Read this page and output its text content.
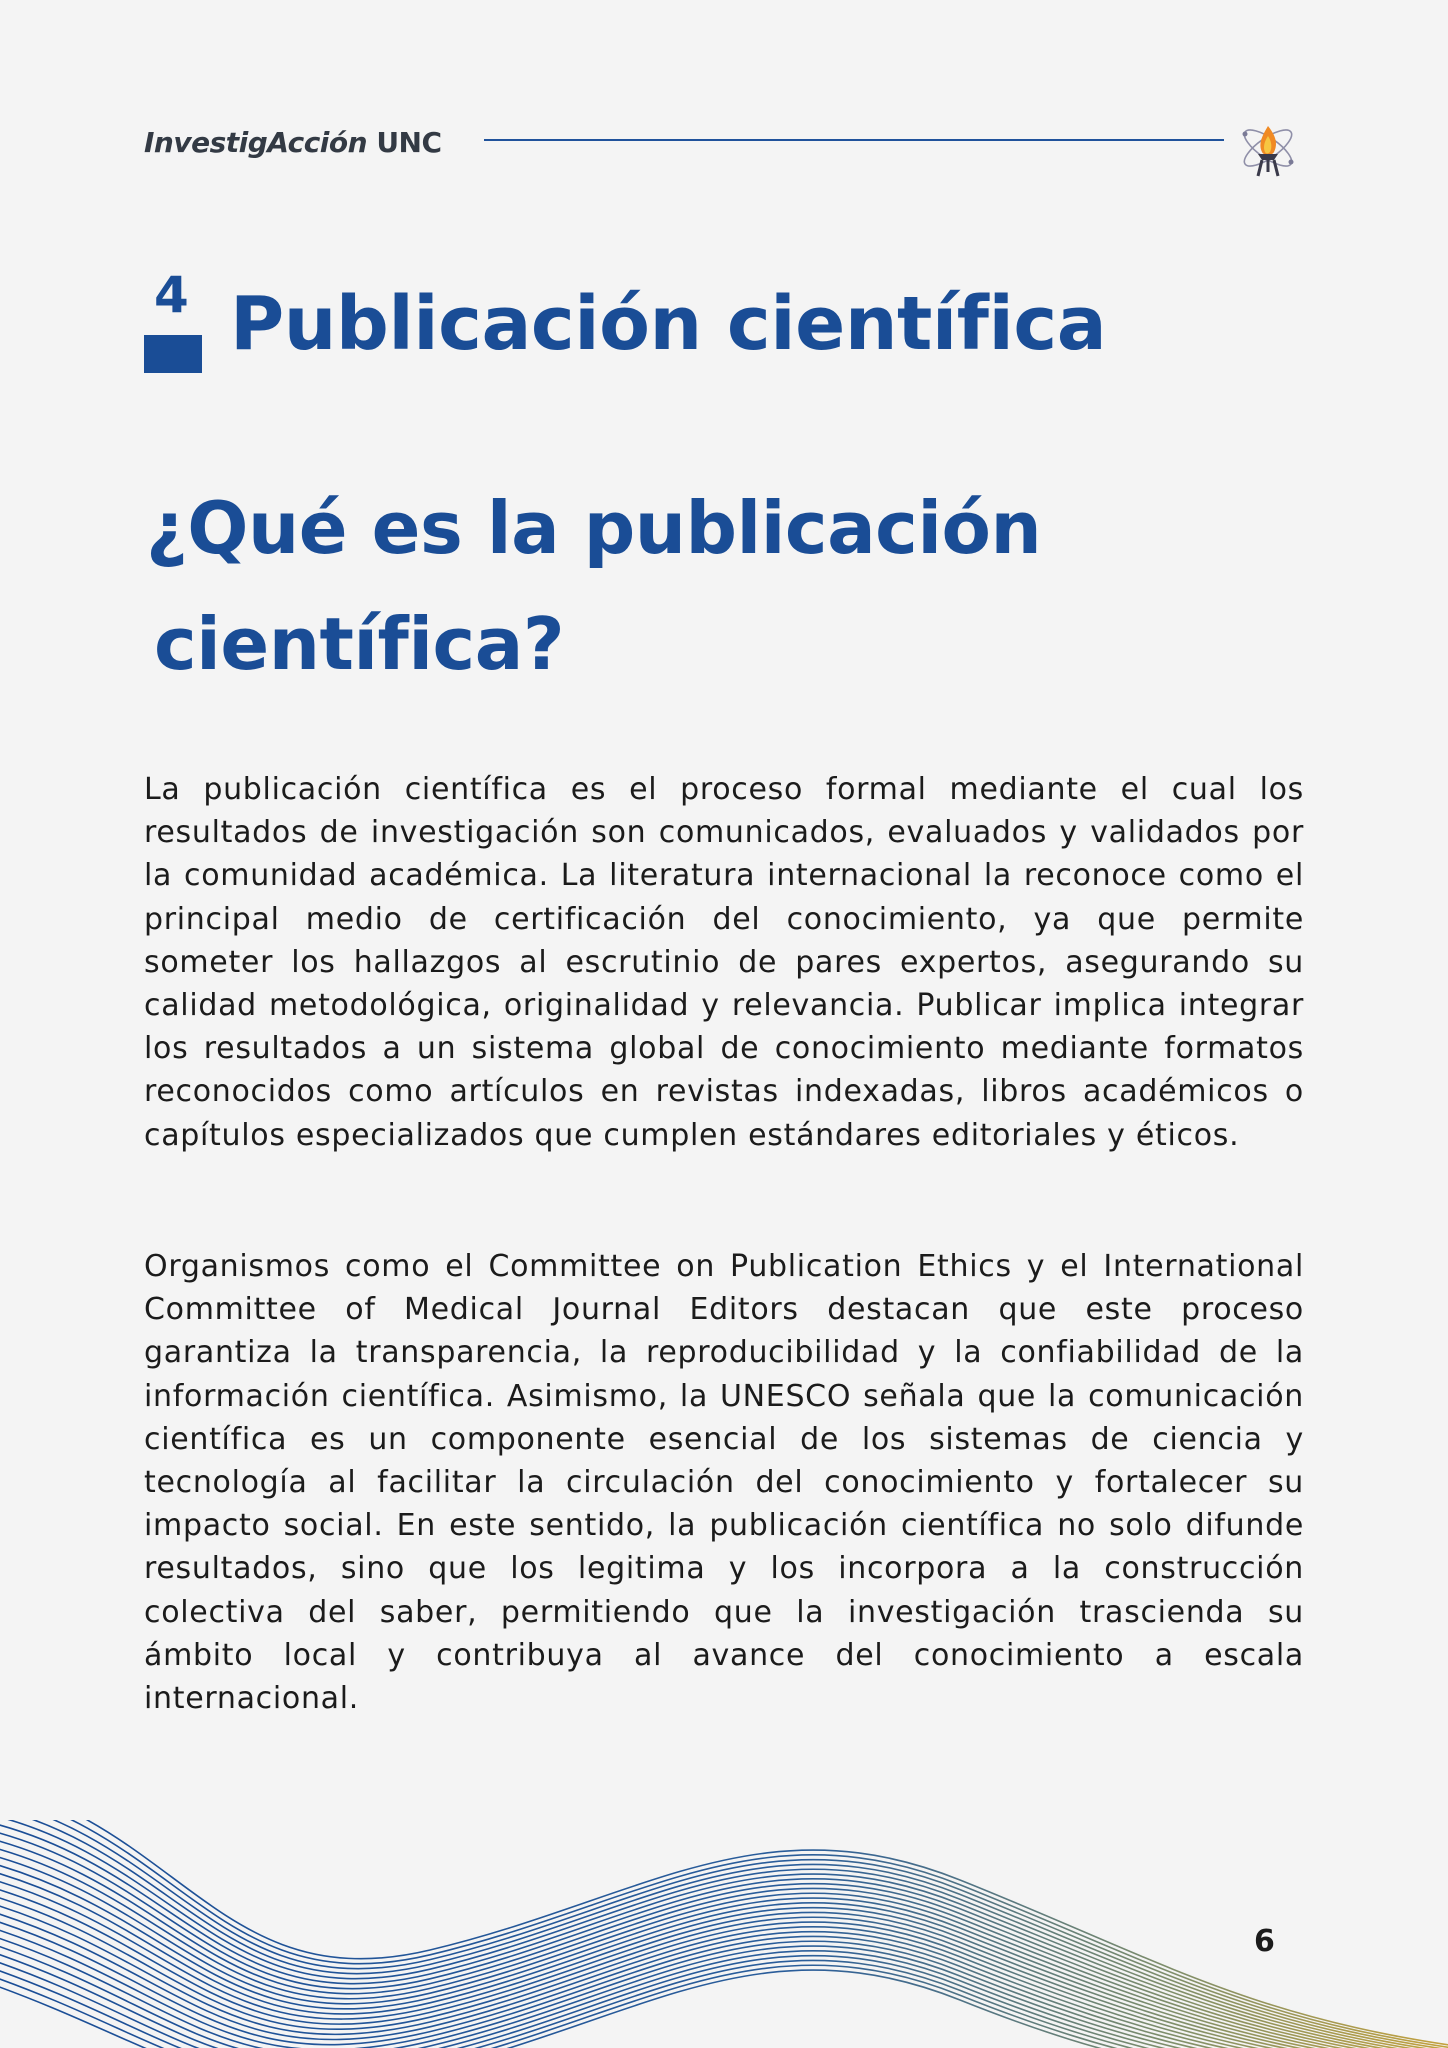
InvestigAcción UNC
4 Publicación científica
¿Qué es la publicación
científica?

La publicación científica es el proceso formal mediante el cual los resultados de investigación son comunicados, evaluados y validados por la comunidad académica. La literatura internacional la reconoce como el principal medio de certificación del conocimiento, ya que permite someter los hallazgos al escrutinio de pares expertos, asegurando su calidad metodológica, originalidad y relevancia. Publicar implica integrar los resultados a un sistema global de conocimiento mediante formatos reconocidos como artículos en revistas indexadas, libros académicos o capítulos especializados que cumplen estándares editoriales y éticos.

Organismos como el Committee on Publication Ethics y el International Committee of Medical Journal Editors destacan que este proceso garantiza la transparencia, la reproducibilidad y la confiabilidad de la información científica. Asimismo, la UNESCO señala que la comunicación científica es un componente esencial de los sistemas de ciencia y tecnología al facilitar la circulación del conocimiento y fortalecer su impacto social. En este sentido, la publicación científica no solo difunde resultados, sino que los legitima y los incorpora a la construcción colectiva del saber, permitiendo que la investigación trascienda su ámbito local y contribuya al avance del conocimiento a escala internacional.

6
